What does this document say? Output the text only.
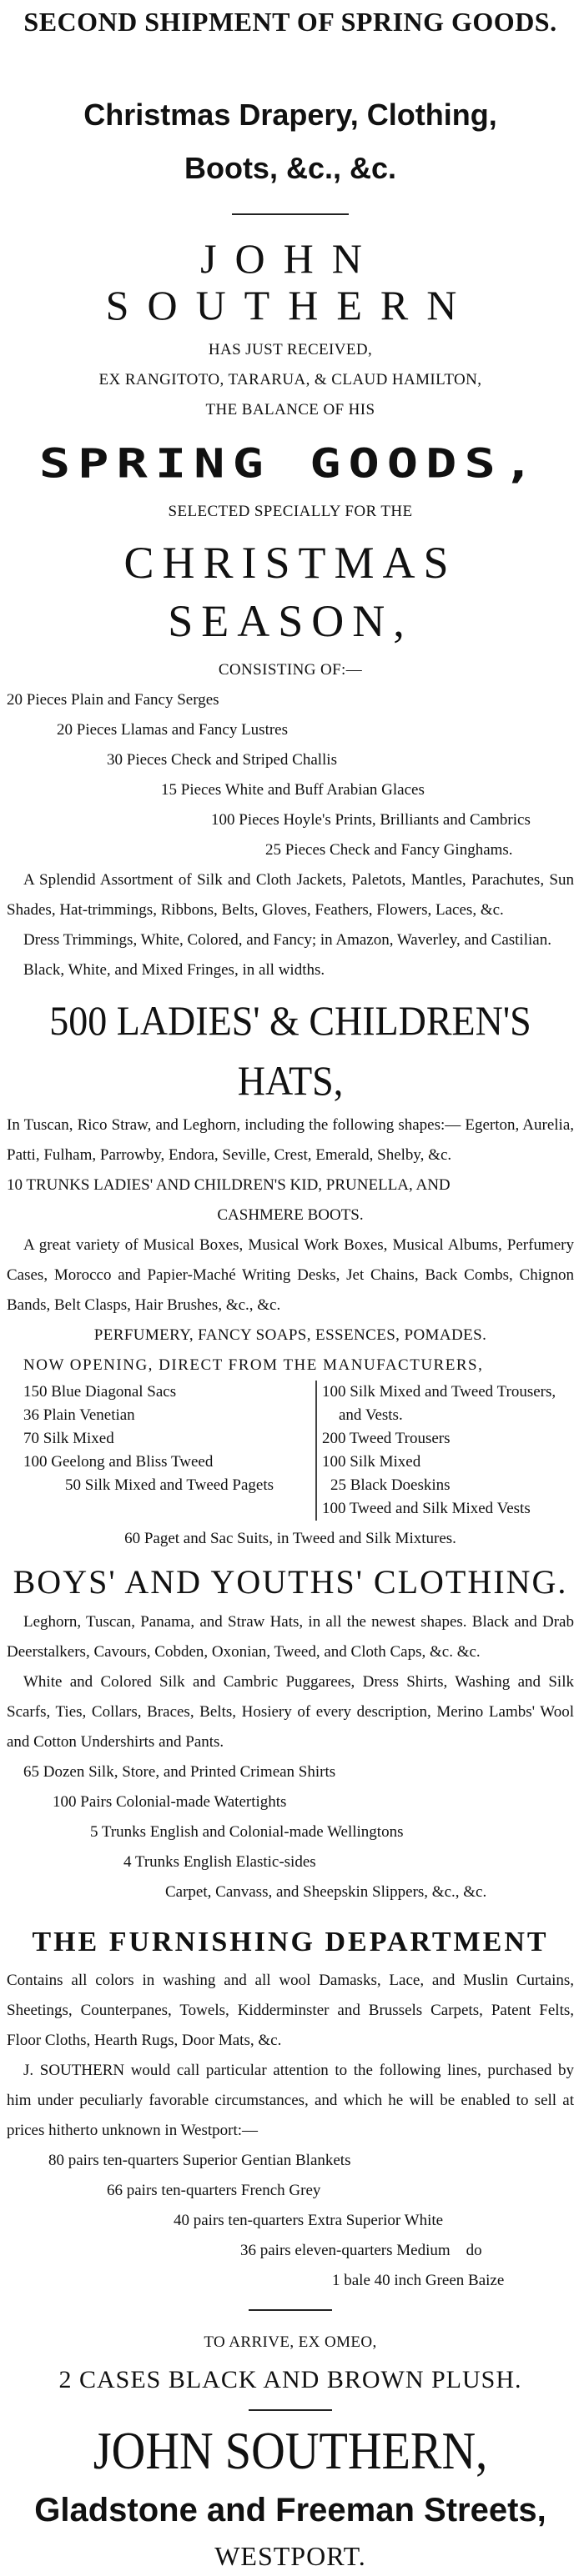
SECOND SHIPMENT OF SPRING GOODS.
Christmas Drapery, Clothing,
Boots, &c., &c.
JOHN SOUTHERN
HAS JUST RECEIVED,
EX RANGITOTO, TARARUA, & CLAUD HAMILTON,
THE BALANCE OF HIS
SPRING GOODS,
SELECTED SPECIALLY FOR THE
CHRISTMAS SEASON,
CONSISTING OF:—
20 Pieces Plain and Fancy Serges
20 Pieces Llamas and Fancy Lustres
30 Pieces Check and Striped Challis
15 Pieces White and Buff Arabian Glaces
100 Pieces Hoyle's Prints, Brilliants and Cambrics
25 Pieces Check and Fancy Ginghams.
A Splendid Assortment of Silk and Cloth Jackets, Paletots, Mantles, Parachutes, Sun Shades, Hat-trimmings, Ribbons, Belts, Gloves, Feathers, Flowers, Laces, &c.
Dress Trimmings, White, Colored, and Fancy; in Amazon, Waverley, and Castilian.
Black, White, and Mixed Fringes, in all widths.
500 LADIES' & CHILDREN'S HATS,
In Tuscan, Rico Straw, and Leghorn, including the following shapes:— Egerton, Aurelia, Patti, Fulham, Parrowby, Endora, Seville, Crest, Emerald, Shelby, &c.
10 TRUNKS LADIES' AND CHILDREN'S KID, PRUNELLA, AND
CASHMERE BOOTS.
A great variety of Musical Boxes, Musical Work Boxes, Musical Albums, Perfumery Cases, Morocco and Papier-Maché Writing Desks, Jet Chains, Back Combs, Chignon Bands, Belt Clasps, Hair Brushes, &c., &c.
PERFUMERY, FANCY SOAPS, ESSENCES, POMADES.
NOW OPENING, DIRECT FROM THE MANUFACTURERS,
150 Blue Diagonal Sacs
36 Plain Venetian
70 Silk Mixed
100 Geelong and Bliss Tweed
50 Silk Mixed and Tweed Pagets
100 Silk Mixed and Tweed Trousers,
and Vests.
200 Tweed Trousers
100 Silk Mixed
25 Black Doeskins
100 Tweed and Silk Mixed Vests
60 Paget and Sac Suits, in Tweed and Silk Mixtures.
BOYS' AND YOUTHS' CLOTHING.
Leghorn, Tuscan, Panama, and Straw Hats, in all the newest shapes. Black and Drab Deerstalkers, Cavours, Cobden, Oxonian, Tweed, and Cloth Caps, &c. &c.
White and Colored Silk and Cambric Puggarees, Dress Shirts, Washing and Silk Scarfs, Ties, Collars, Braces, Belts, Hosiery of every description, Merino Lambs' Wool and Cotton Undershirts and Pants.
65 Dozen Silk, Store, and Printed Crimean Shirts
100 Pairs Colonial-made Watertights
5 Trunks English and Colonial-made Wellingtons
4 Trunks English Elastic-sides
Carpet, Canvass, and Sheepskin Slippers, &c., &c.
THE FURNISHING DEPARTMENT
Contains all colors in washing and all wool Damasks, Lace, and Muslin Curtains, Sheetings, Counterpanes, Towels, Kidderminster and Brussels Carpets, Patent Felts, Floor Cloths, Hearth Rugs, Door Mats, &c.
J. SOUTHERN would call particular attention to the following lines, purchased by him under peculiarly favorable circumstances, and which he will be enabled to sell at prices hitherto unknown in Westport:—
80 pairs ten-quarters Superior Gentian Blankets
66 pairs ten-quarters French Grey
40 pairs ten-quarters Extra Superior White
36 pairs eleven-quarters Medium    do
1 bale 40 inch Green Baize
TO ARRIVE, EX OMEO,
2 CASES BLACK AND BROWN PLUSH.
JOHN SOUTHERN,
Gladstone and Freeman Streets,
WESTPORT.
